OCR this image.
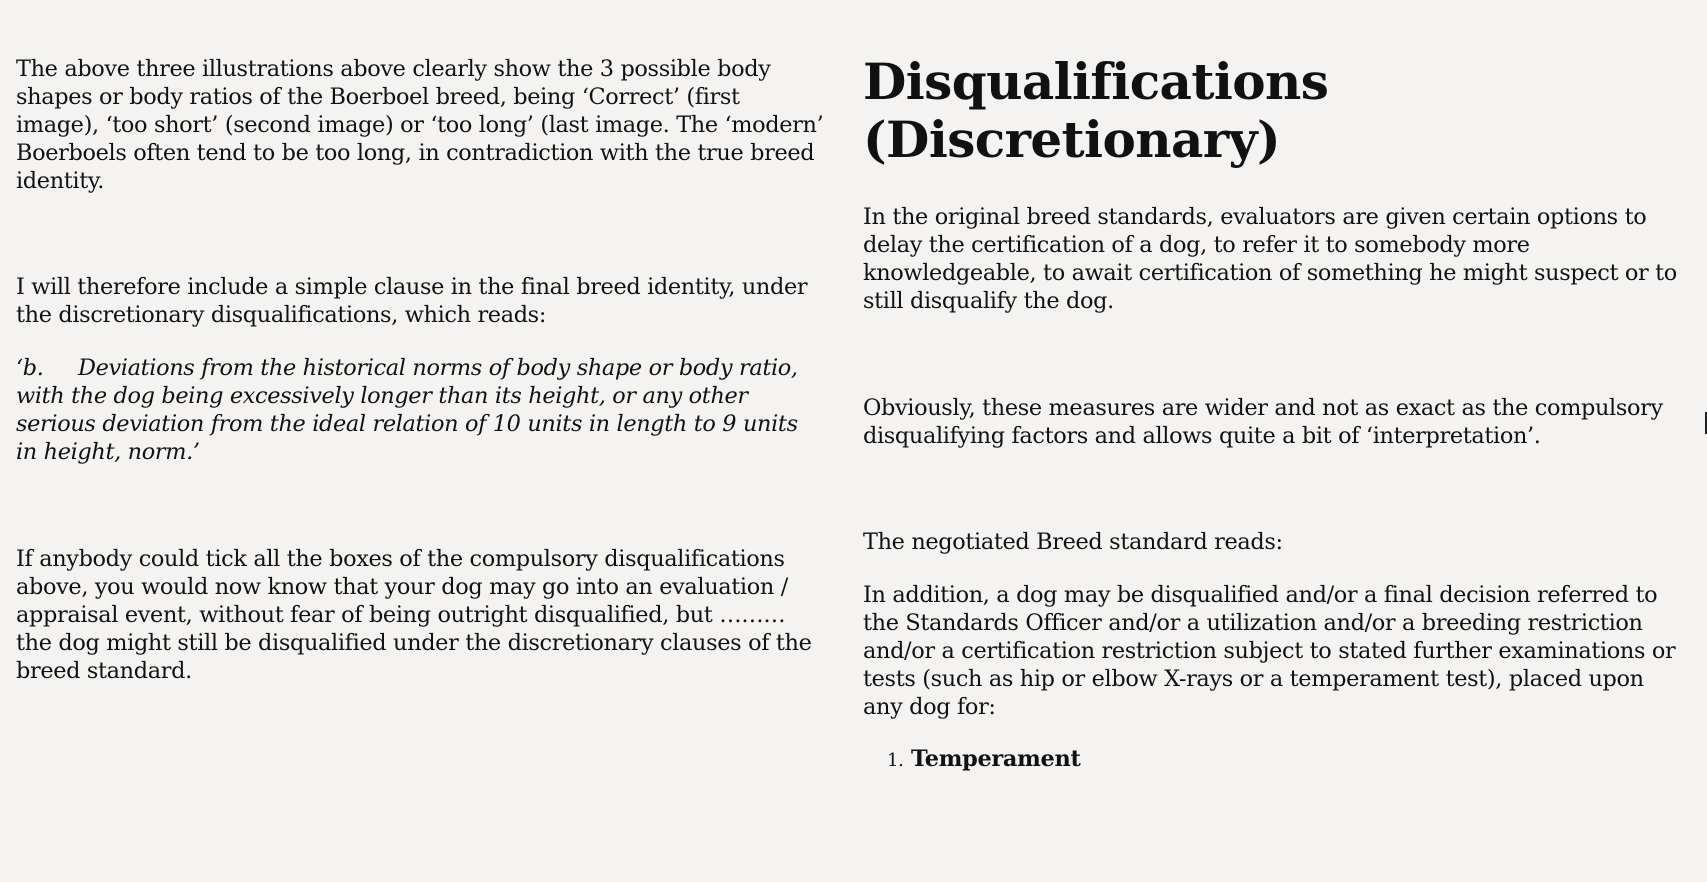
The above three illustrations above clearly show the 3 possible body shapes or body ratios of the Boerboel breed, being ‘Correct’ (first image), ‘too short’ (second image) or ‘too long’ (last image. The ‘modern’ Boerboels often tend to be too long, in contradiction with the true breed identity.

I will therefore include a simple clause in the final breed identity, under the discretionary disqualifications, which reads:

‘b. Deviations from the historical norms of body shape or body ratio, with the dog being excessively longer than its height, or any other serious deviation from the ideal relation of 10 units in length to 9 units in height, norm.’

If anybody could tick all the boxes of the compulsory disqualifications above, you would now know that your dog may go into an evaluation / appraisal event, without fear of being outright disqualified, but ……… the dog might still be disqualified under the discretionary clauses of the breed standard.

Disqualifications
(Discretionary)

In the original breed standards, evaluators are given certain options to delay the certification of a dog, to refer it to somebody more knowledgeable, to await certification of something he might suspect or to still disqualify the dog.

Obviously, these measures are wider and not as exact as the compulsory disqualifying factors and allows quite a bit of ‘interpretation’.

The negotiated Breed standard reads:

In addition, a dog may be disqualified and/or a final decision referred to the Standards Officer and/or a utilization and/or a breeding restriction and/or a certification restriction subject to stated further examinations or tests (such as hip or elbow X-rays or a temperament test), placed upon any dog for:

1. Temperament
